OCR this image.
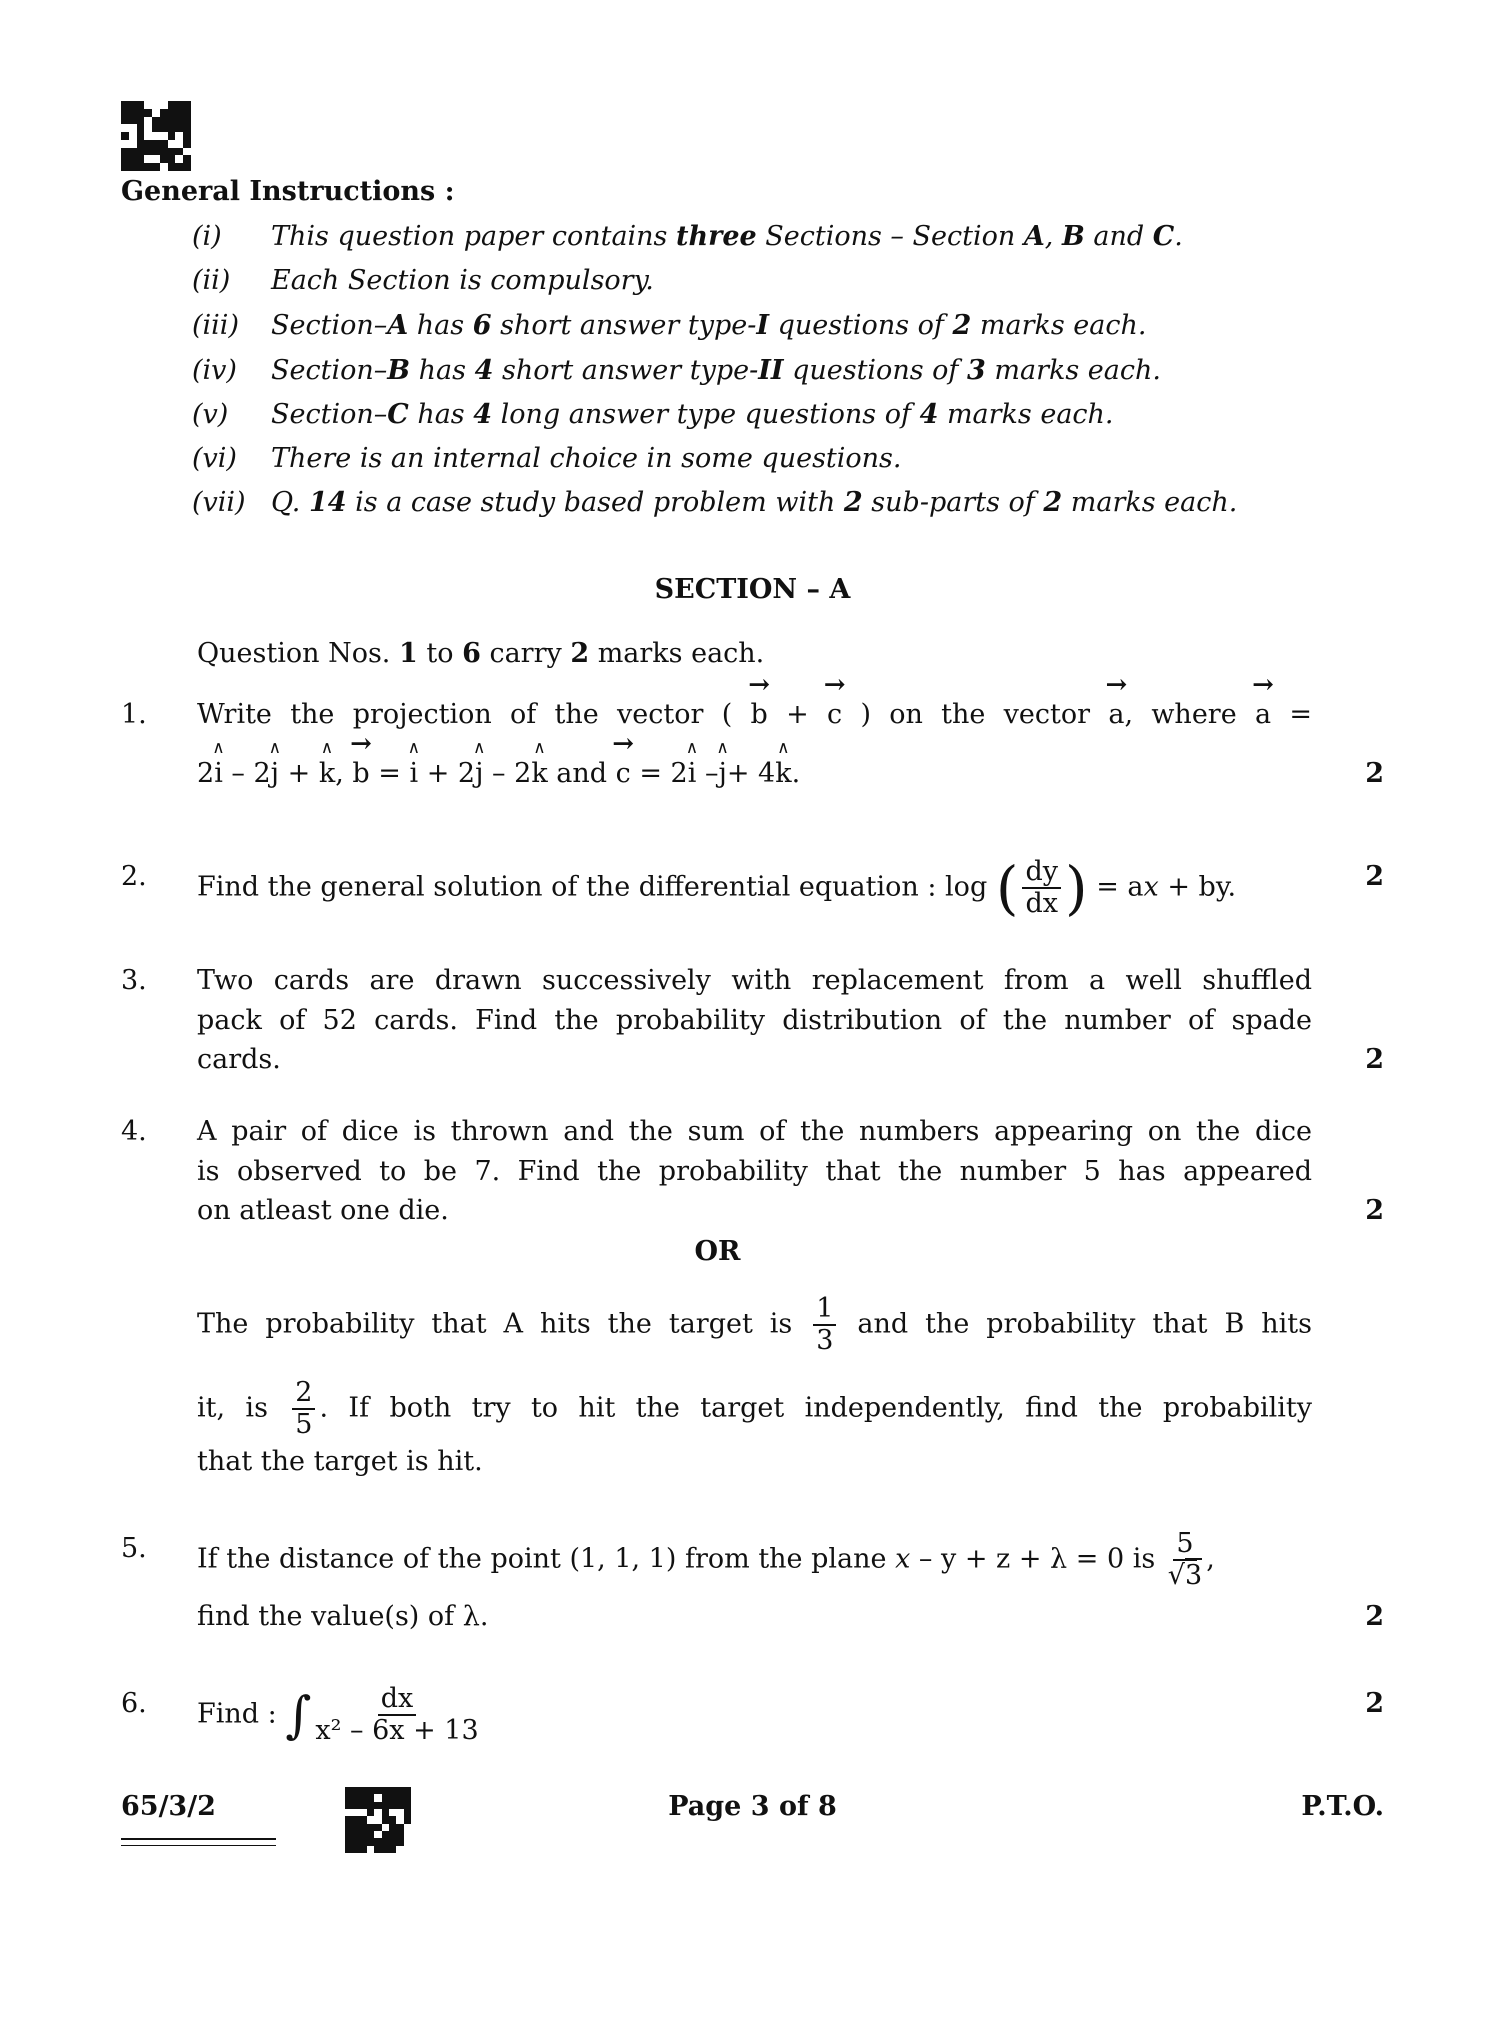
General Instructions :
(i) This question paper contains three Sections – Section A, B and C.
(ii) Each Section is compulsory.
(iii) Section–A has 6 short answer type-I questions of 2 marks each.
(iv) Section–B has 4 short answer type-II questions of 3 marks each.
(v) Section–C has 4 long answer type questions of 4 marks each.
(vi) There is an internal choice in some questions.
(vii) Q. 14 is a case study based problem with 2 sub-parts of 2 marks each.
SECTION – A
Question Nos. 1 to 6 carry 2 marks each.
1. Write the projection of the vector ( → b + → c ) on the vector → a, where → a =
2∧ i – 2∧ j + ∧ k, → b = ∧ i + 2∧ j – 2∧ k and → c = 2∧ i –∧ j+ 4∧ k.	2
2. Find the general solution of the differential equation : log ( $\frac{dy}{dx}$ ) = ax + by.	2
3. Two cards are drawn successively with replacement from a well shuffled
pack of 52 cards. Find the probability distribution of the number of spade
cards.	2
4. A pair of dice is thrown and the sum of the numbers appearing on the dice
is observed to be 7. Find the probability that the number 5 has appeared
on atleast one die.	2
OR
The probability that A hits the target is $\frac{1}{3}$ and the probability that B hits
it, is $\frac{2}{5}$ . If both try to hit the target independently, find the probability
that the target is hit.
5. If the distance of the point (1, 1, 1) from the plane x – y + z + λ = 0 is $\frac{5}{√3}$ ,
find the value(s) of λ.	2
6. Find : ∫ $\frac{dx}{\text{x² – 6x + 13}}$	2
65/3/2	Page 3 of 8	P.T.O.
